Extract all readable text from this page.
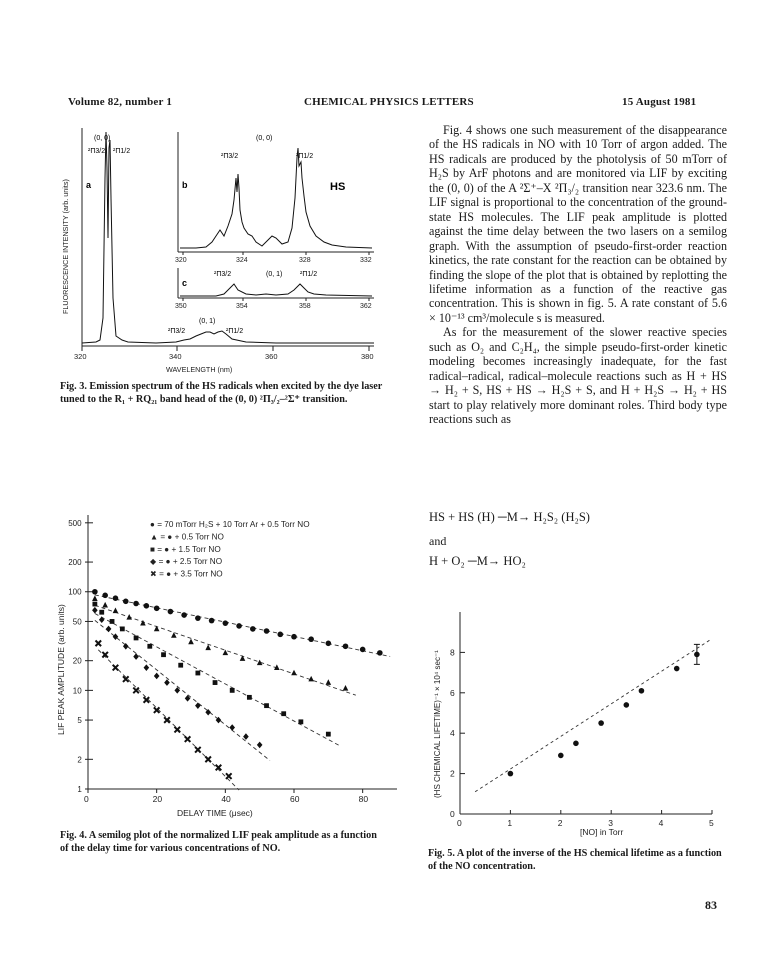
Volume 82, number 1	CHEMICAL PHYSICS LETTERS	15 August 1981
320	340	360	380
WAVELENGTH (nm)
FLUORESCENCE INTENSITY (arb. units) a
(0, 0)
²Π3/2 ²Π1/2
320	324	328	332
b	HS
(0, 0)
²Π3/2	²Π1/2
350	354	358	362
c
²Π3/2	(0, 1)	²Π1/2
(0, 1)
²Π3/2	²Π1/2
Fig. 3. Emission spectrum of the HS radicals when excited by the dye laser tuned to the R₁ + RQ₂₁ band head of the (0, 0) ²Π₃/₂–²Σ⁺ transition.
0	20	40	60	80
1
2
5
10
20
50
100
200
500	● = 70 mTorr H₂S + 10 Torr Ar + 0.5 Torr NO
▲ = ● + 0.5 Torr NO
■ = ● + 1.5 Torr NO
◆ = ● + 2.5 Torr NO
✖ = ● + 3.5 Torr NO
DELAY TIME (μsec)
LIF PEAK AMPLITUDE (arb. units)
Fig. 4. A semilog plot of the normalized LIF peak amplitude as a function of the delay time for various concentrations of NO.

Fig. 4 shows one such measurement of the disappearance of the HS radicals in NO with 10 Torr of argon added. The HS radicals are produced by the photolysis of 50 mTorr of H₂S by ArF photons and are monitored via LIF by exciting the (0, 0) of the A ²Σ⁺–X ²Π₃/₂ transition near 323.6 nm. The LIF signal is proportional to the concentration of the ground-state HS molecules. The LIF peak amplitude is plotted against the time delay between the two lasers on a semilog graph. With the assumption of pseudo-first-order reaction kinetics, the rate constant for the reaction can be obtained by finding the slope of the plot that is obtained by replotting the lifetime information as a function of the reactive gas concentration. This is shown in fig. 5. A rate constant of 5.6 × 10⁻¹³ cm³/molecule s is measured.

As for the measurement of the slower reactive species such as O₂ and C₂H₄, the simple pseudo-first-order kinetic modeling becomes increasingly inadequate, for the fast radical–radical, radical–molecule reactions such as H + HS → H₂ + S, HS + HS → H₂S + S, and H + H₂S → H₂ + HS start to play relatively more dominant roles. Third body type reactions such as

HS + HS (H) ─M→ H₂S₂ (H₂S)
and
H + O₂ ─M→ HO₂
0	1	2	3	4	5
0
2
4
6
8
[NO] in Torr
(HS CHEMICAL LIFETIME)⁻¹ × 10⁴ sec⁻¹
Fig. 5. A plot of the inverse of the HS chemical lifetime as a function of the NO concentration.
83
